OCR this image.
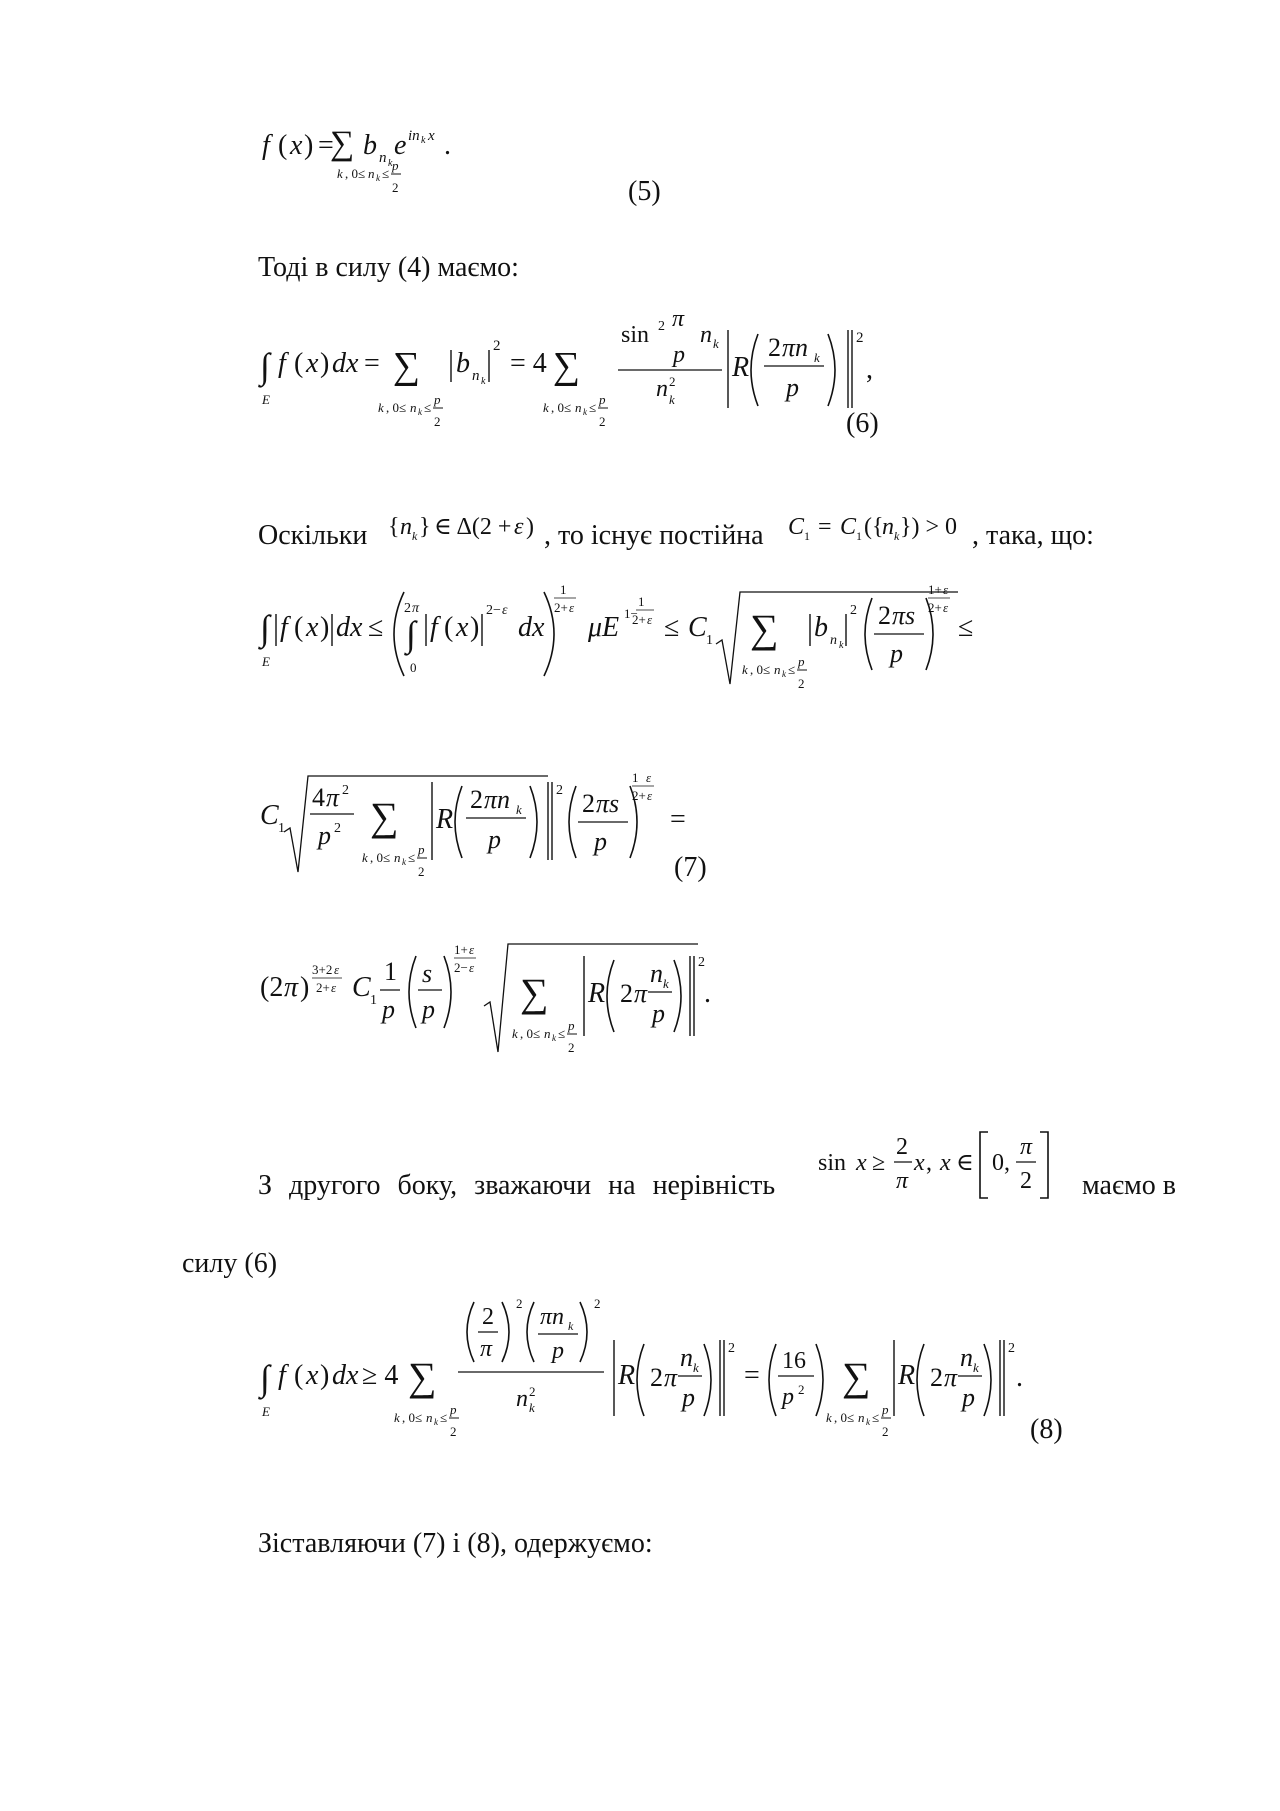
f ( x ) =
∑ b n k
e in k x .
k , 0≤ n k ≤
p
2	(5)
Тоді в силу (4) маємо:
∫
E
f ( x ) dx = ∑
k , 0≤ n k ≤
p
2
b n k
2
= 4 ∑
k , 0≤ n k ≤
p
2
sin 2 π
n k
p
n 2
k
R
2 πn k
p
2
,
(6)
Оскільки { n k } ∈ Δ(2 + ε ) , то існує постійна C 1 = C 1 ({
n k }) > 0 , така, що:
∫
E
f ( x ) dx ≤
2 π
∫
0
f ( x )
2− ε
dx
1
2+ ε
μE 1−
1
2+ ε ≤ C 1 ∑
k , 0≤ n k ≤
p
2
b n k
2 2 πs
p
1+ ε
2+ ε
≤
C 1
4 π 2
p 2 ∑
k , 0≤ n k ≤
p
2
R
2 πn k
p
2 2 πs
p
1 ε
2+ ε
=
(7)
(2 π )
3+2 ε
2+ ε C 1
1
p
s
p
1+ ε
2− ε
∑
k , 0≤ n k ≤
p
2
R 2 π
n k
p
2
.
З другого боку, зважаючи на нерівність
sin x ≥
2
π
x , x ∈ 0,
π
2 маємо в
силу (6)
∫
E
f ( x ) dx ≥ 4 ∑
k , 0≤ n k ≤
p
2
2
π
2
πn k
p
2
n 2
k
R 2 π
n k
p
2
= 16
p 2 ∑
k , 0≤ n k ≤
p
2
R 2 π
n k
p
2
.
(8)
Зіставляючи (7) і (8), одержуємо:
